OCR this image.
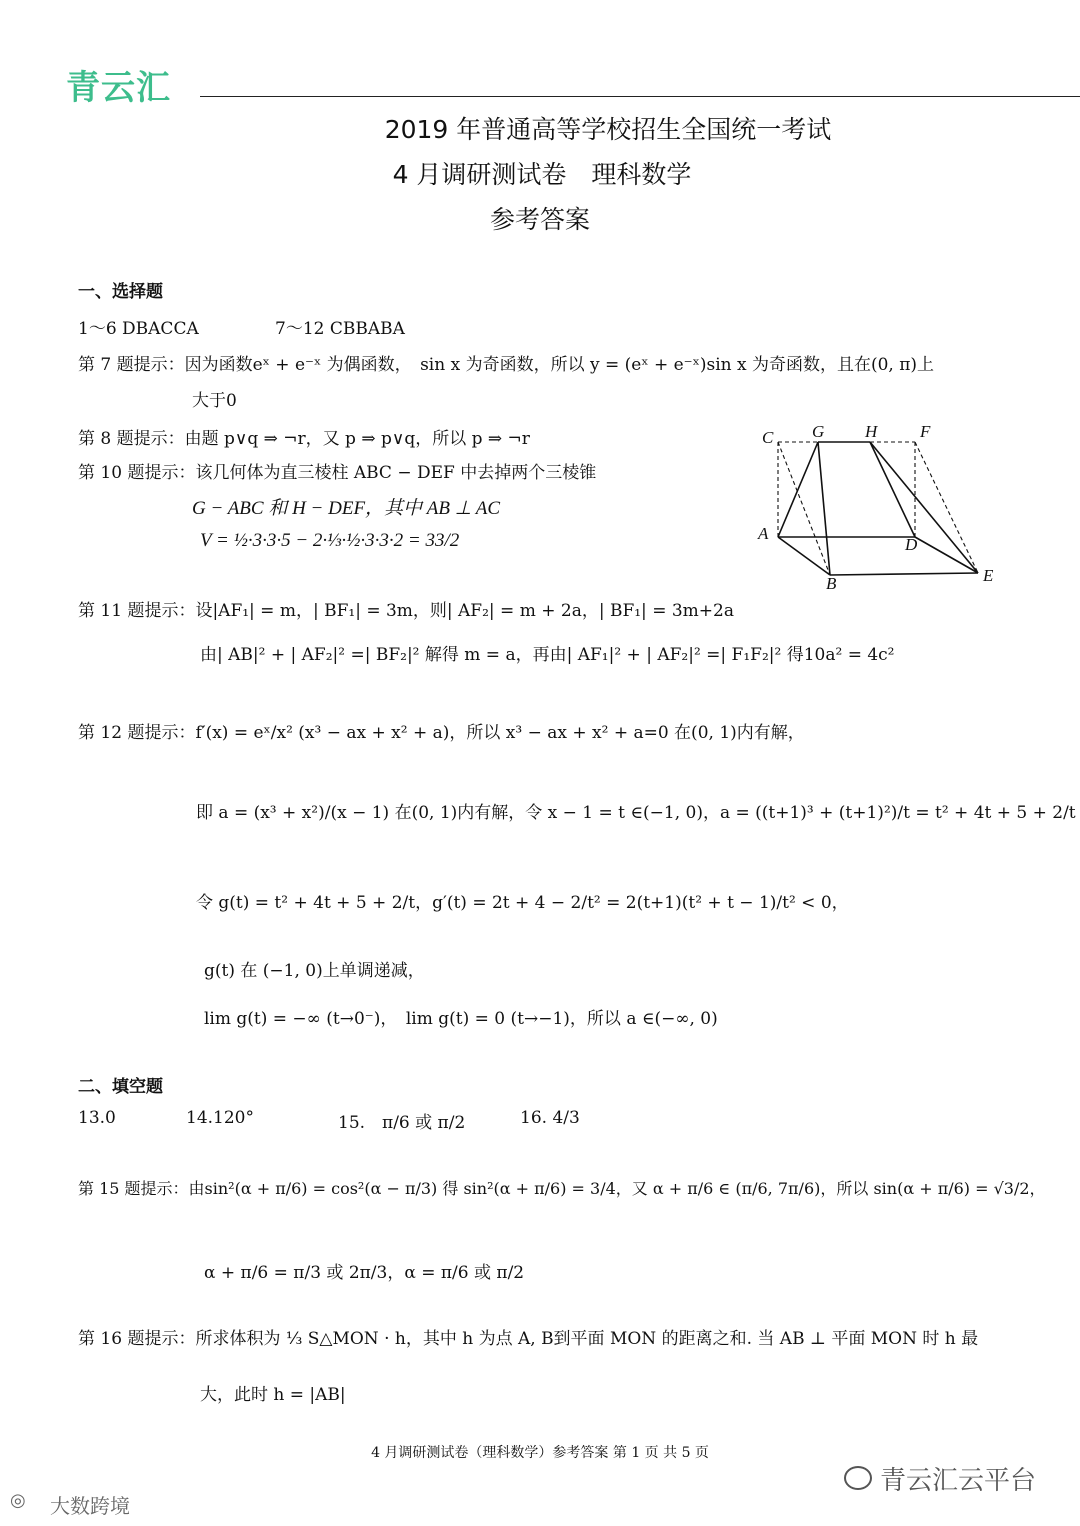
青云汇
2019 年普通高等学校招生全国统一考试
4 月调研测试卷　理科数学
参考答案
一、选择题
1～6 DBACCA	7～12 CBBABA
第 7 题提示：因为函数eˣ + e⁻ˣ 为偶函数，　sin x 为奇函数，所以 y = (eˣ + e⁻ˣ)sin x 为奇函数，且在(0, π)上
大于0
第 8 题提示：由题 p∨q ⇒ ¬r，又 p ⇒ p∨q，所以 p ⇒ ¬r
第 10 题提示：该几何体为直三棱柱 ABC − DEF 中去掉两个三棱锥
G − ABC 和 H − DEF，其中 AB ⊥ AC
V = ½·3·3·5 − 2·⅓·½·3·3·2 = 33/2
C G H	F
A
D
B	E
第 11 题提示：设|AF₁| = m，| BF₁| = 3m，则| AF₂| = m + 2a，| BF₁| = 3m+2a
由| AB|² + | AF₂|² =| BF₂|² 解得 m = a，再由| AF₁|² + | AF₂|² =| F₁F₂|² 得10a² = 4c²
第 12 题提示：f′(x) = eˣ/x² (x³ − ax + x² + a)，所以 x³ − ax + x² + a=0 在(0, 1)内有解，
即 a = (x³ + x²)/(x − 1) 在(0, 1)内有解，令 x − 1 = t ∈(−1, 0)，a = ((t+1)³ + (t+1)²)/t = t² + 4t + 5 + 2/t
令 g(t) = t² + 4t + 5 + 2/t，g′(t) = 2t + 4 − 2/t² = 2(t+1)(t² + t − 1)/t² < 0，
g(t) 在 (−1, 0)上单调递减，
lim g(t) = −∞ (t→0⁻)，　lim g(t) = 0 (t→−1)，所以 a ∈(−∞, 0)
二、填空题
13.0	14.120°	15.　π/6 或 π/2	16. 4/3
第 15 题提示：由sin²(α + π/6) = cos²(α − π/3) 得 sin²(α + π/6) = 3/4，又 α + π/6 ∈ (π/6, 7π/6)，所以 sin(α + π/6) = √3/2，
α + π/6 = π/3 或 2π/3，α = π/6 或 π/2
第 16 题提示：所求体积为 ⅓ S△MON · h，其中 h 为点 A, B到平面 MON 的距离之和. 当 AB ⊥ 平面 MON 时 h 最
大，此时 h = |AB|
4 月调研测试卷（理科数学）参考答案 第 1 页 共 5 页
青云汇云平台
大数跨境
◎
